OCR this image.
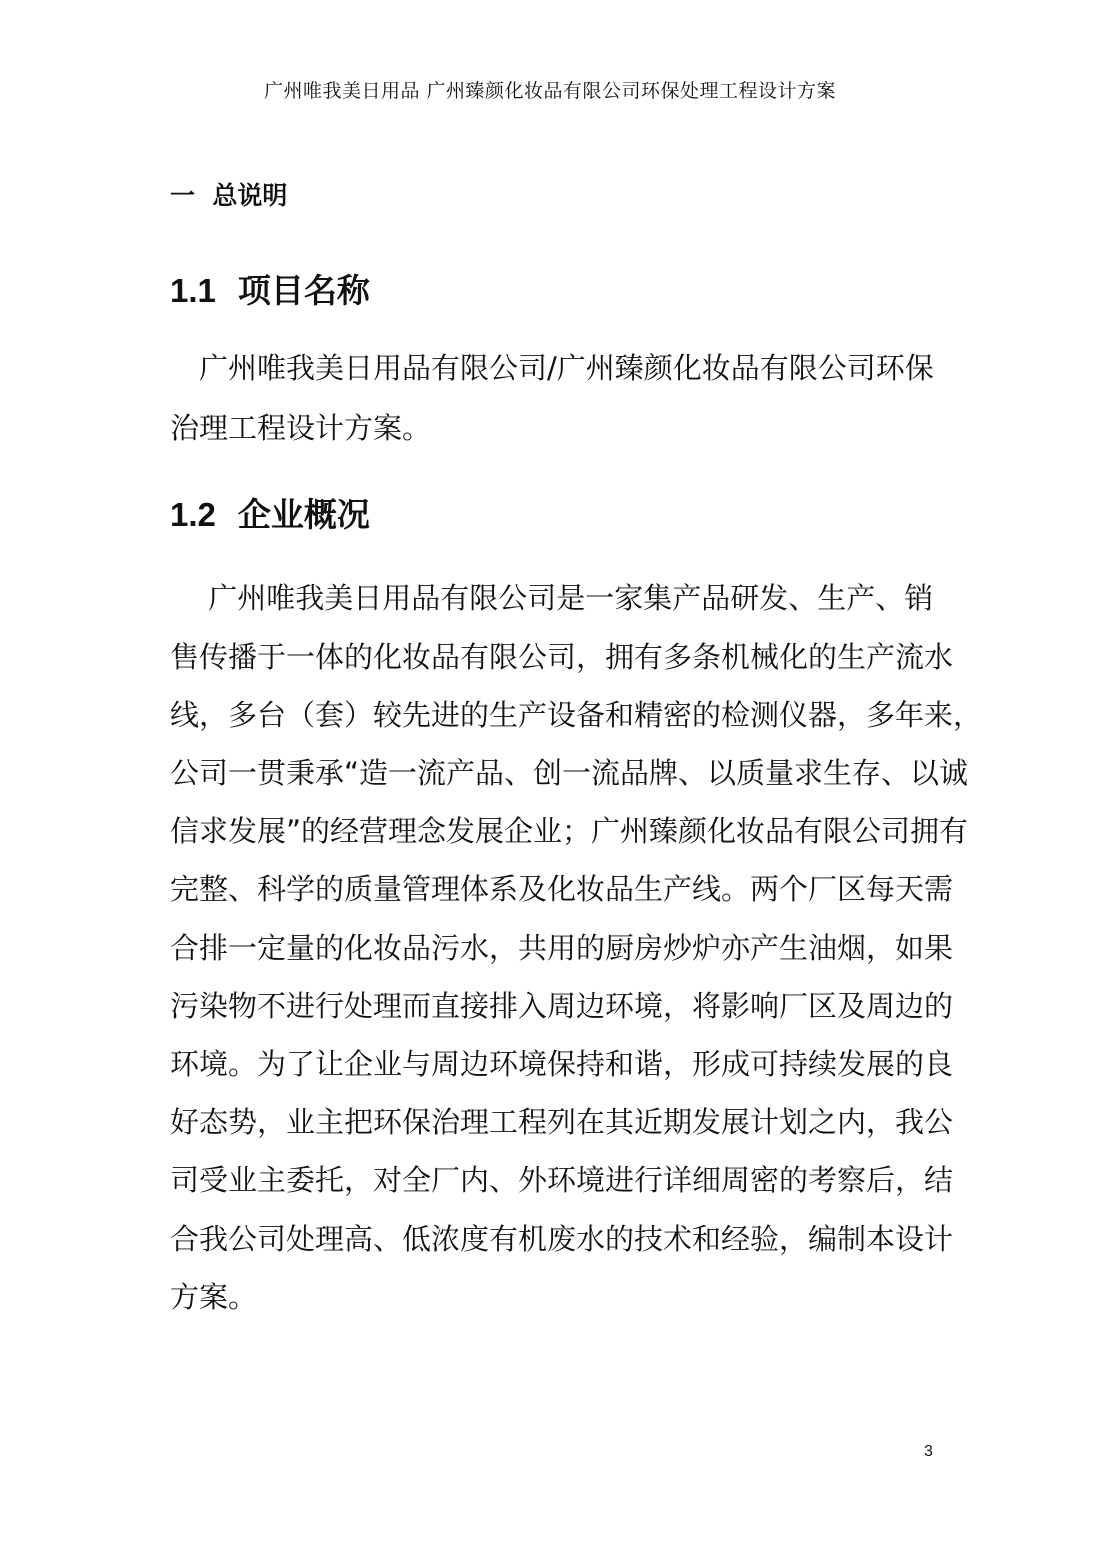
广州唯我美日用品 广州臻颜化妆品有限公司环保处理工程设计方案
一  总说明
1.1 项目名称
　广州唯我美日用品有限公司/广州臻颜化妆品有限公司环保
治理工程设计方案。
1.2 企业概况
　 广州唯我美日用品有限公司是一家集产品研发、生产、销
售传播于一体的化妆品有限公司，拥有多条机械化的生产流水
线，多台（套）较先进的生产设备和精密的检测仪器，多年来，
公司一贯秉承“造一流产品、创一流品牌、以质量求生存、以诚
信求发展”的经营理念发展企业；广州臻颜化妆品有限公司拥有
完整、科学的质量管理体系及化妆品生产线。两个厂区每天需
合排一定量的化妆品污水，共用的厨房炒炉亦产生油烟，如果
污染物不进行处理而直接排入周边环境，将影响厂区及周边的
环境。为了让企业与周边环境保持和谐，形成可持续发展的良
好态势，业主把环保治理工程列在其近期发展计划之内，我公
司受业主委托，对全厂内、外环境进行详细周密的考察后，结
合我公司处理高、低浓度有机废水的技术和经验，编制本设计
方案。
3
